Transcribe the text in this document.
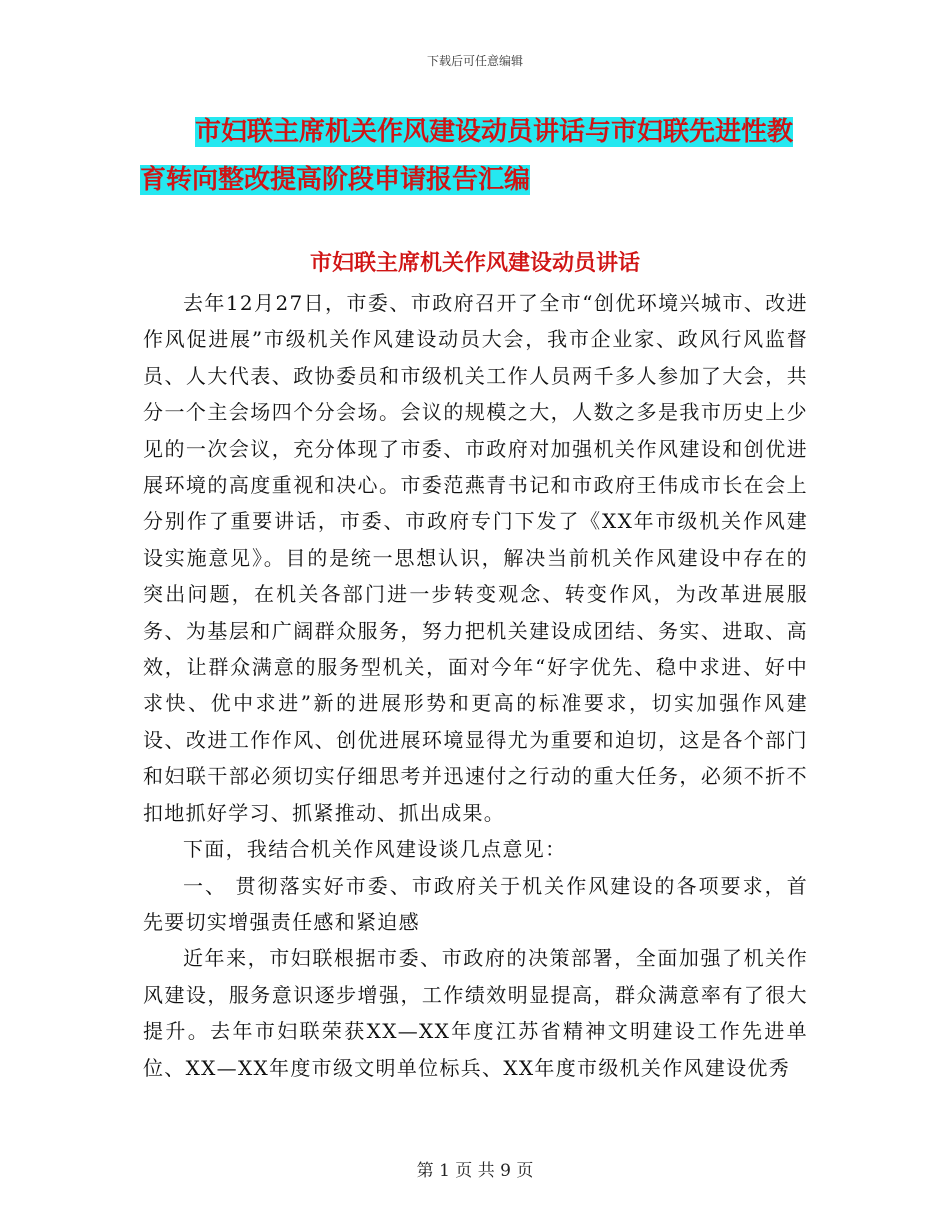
下载后可任意编辑
市妇联主席机关作风建设动员讲话与市妇联先进性教
育转向整改提高阶段申请报告汇编
市妇联主席机关作风建设动员讲话

去年12月27日，市委、市政府召开了全市“创优环境兴城市、改进作风促进展”市级机关作风建设动员大会，我市企业家、政风行风监督员、人大代表、政协委员和市级机关工作人员两千多人参加了大会，共分一个主会场四个分会场。会议的规模之大，人数之多是我市历史上少见的一次会议，充分体现了市委、市政府对加强机关作风建设和创优进展环境的高度重视和决心。市委范燕青书记和市政府王伟成市长在会上分别作了重要讲话，市委、市政府专门下发了《XX年市级机关作风建设实施意见》。目的是统一思想认识，解决当前机关作风建设中存在的突出问题，在机关各部门进一步转变观念、转变作风，为改革进展服务、为基层和广阔群众服务，努力把机关建设成团结、务实、进取、高效，让群众满意的服务型机关，面对今年“好字优先、稳中求进、好中求快、优中求进”新的进展形势和更高的标准要求，切实加强作风建设、改进工作作风、创优进展环境显得尤为重要和迫切，这是各个部门和妇联干部必须切实仔细思考并迅速付之行动的重大任务，必须不折不扣地抓好学习、抓紧推动、抓出成果。

下面，我结合机关作风建设谈几点意见：

一、 贯彻落实好市委、市政府关于机关作风建设的各项要求，首先要切实增强责任感和紧迫感

近年来，市妇联根据市委、市政府的决策部署，全面加强了机关作风建设，服务意识逐步增强，工作绩效明显提高，群众满意率有了很大提升。去年市妇联荣获XX—XX年度江苏省精神文明建设工作先进单位、XX—XX年度市级文明单位标兵、XX年度市级机关作风建设优秀

第 1 页 共 9 页
